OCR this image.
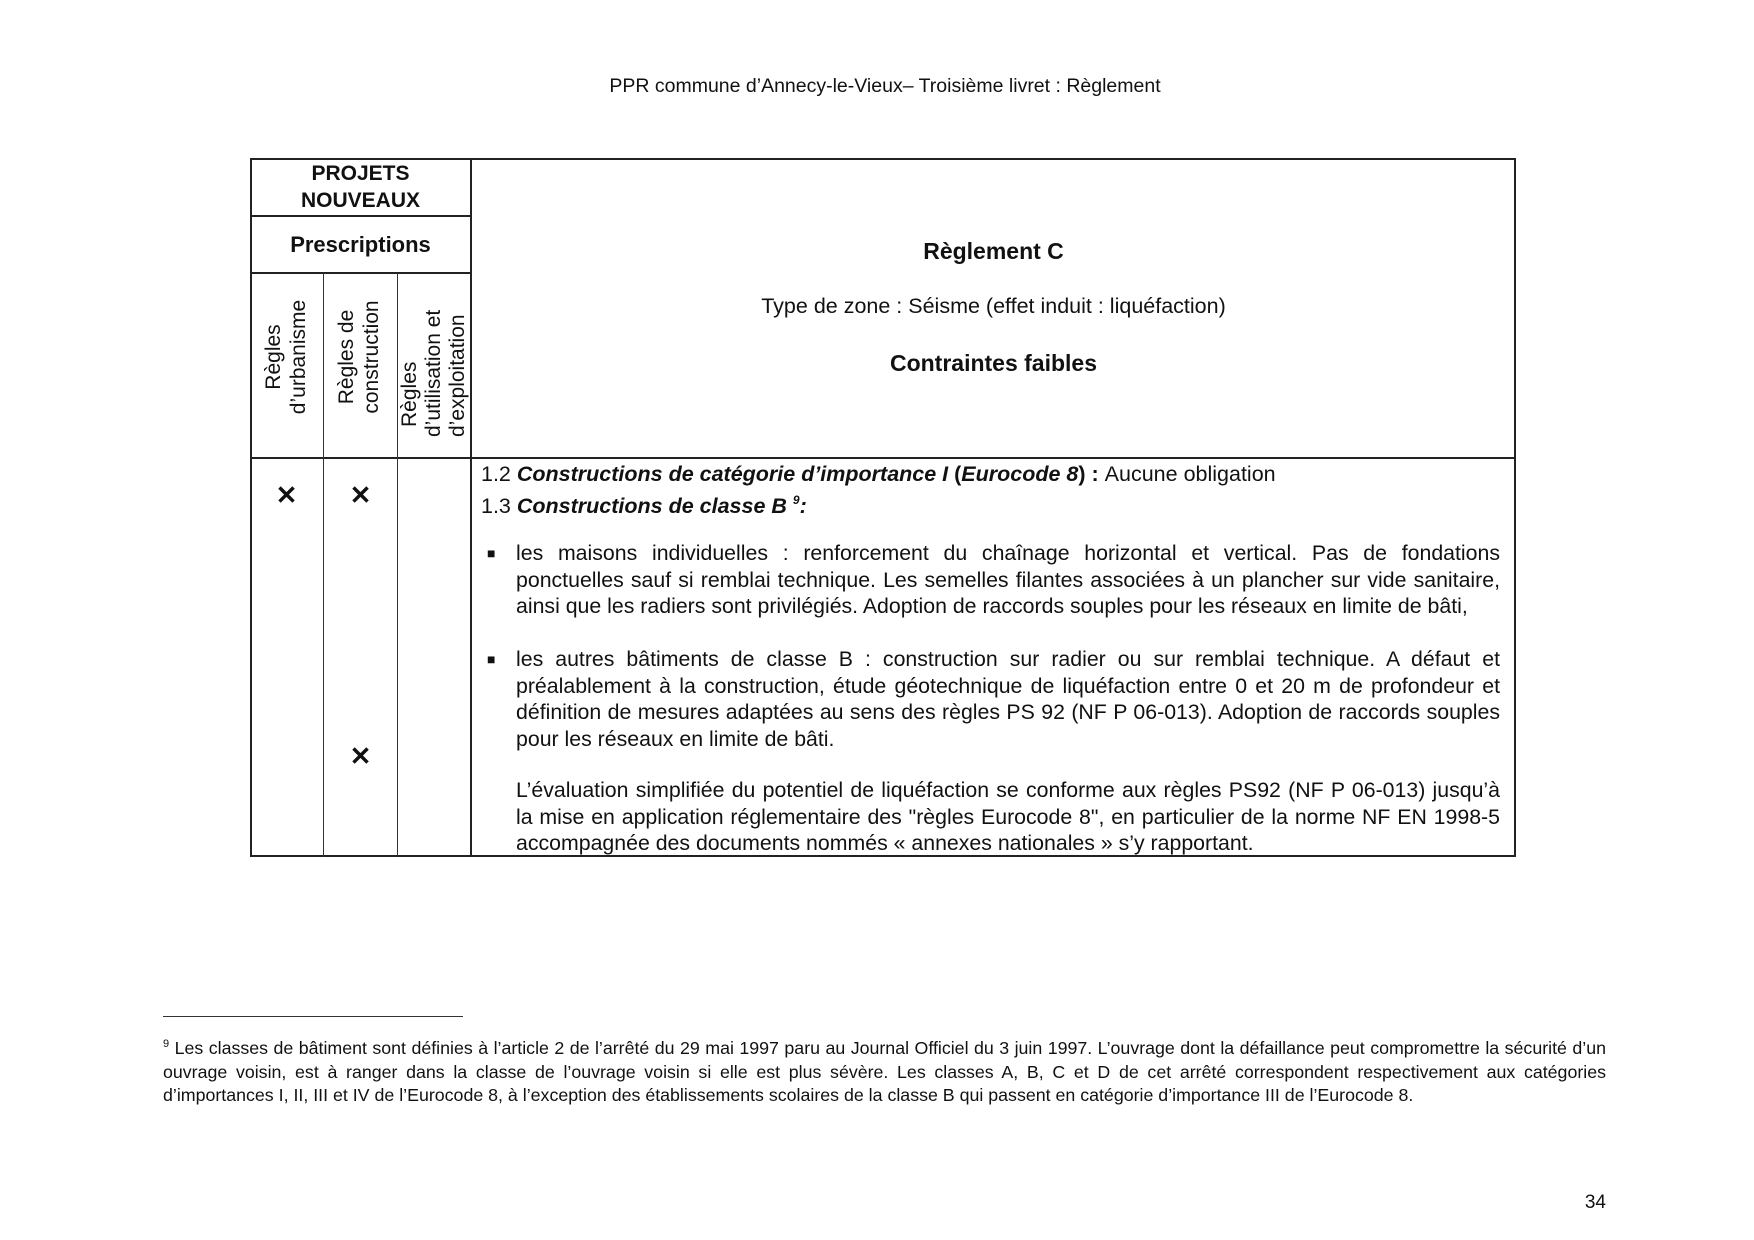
PPR commune d’Annecy-le-Vieux– Troisième livret : Règlement
PROJETS
NOUVEAUX
Prescriptions
Règles d’urbanisme Règles de construction Règles d’utilisation et d’exploitation
Règlement C
Type de zone : Séisme (effet induit : liquéfaction)
Contraintes faibles
✕	✕
✕
1.2 Constructions de catégorie d’importance I (Eurocode 8) : Aucune obligation
1.3 Constructions de classe B $^9$:
■ les maisons individuelles : renforcement du chaînage horizontal et vertical. Pas de fondations ponctuelles sauf si remblai technique. Les semelles filantes associées à un plancher sur vide sanitaire, ainsi que les radiers sont privilégiés. Adoption de raccords souples pour les réseaux en limite de bâti,
■ les autres bâtiments de classe B : construction sur radier ou sur remblai technique. A défaut et préalablement à la construction, étude géotechnique de liquéfaction entre 0 et 20 m de profondeur et définition de mesures adaptées au sens des règles PS 92 (NF P 06-013). Adoption de raccords souples pour les réseaux en limite de bâti.
L’évaluation simplifiée du potentiel de liquéfaction se conforme aux règles PS92 (NF P 06-013) jusqu’à la mise en application réglementaire des "règles Eurocode 8", en particulier de la norme NF EN 1998-5 accompagnée des documents nommés « annexes nationales » s’y rapportant.
$^9$ Les classes de bâtiment sont définies à l’article 2 de l’arrêté du 29 mai 1997 paru au Journal Officiel du 3 juin 1997. L’ouvrage dont la défaillance peut compromettre la sécurité d’un ouvrage voisin, est à ranger dans la classe de l’ouvrage voisin si elle est plus sévère. Les classes A, B, C et D de cet arrêté correspondent respectivement aux catégories d’importances I, II, III et IV de l’Eurocode 8, à l’exception des établissements scolaires de la classe B qui passent en catégorie d’importance III de l’Eurocode 8.
34
